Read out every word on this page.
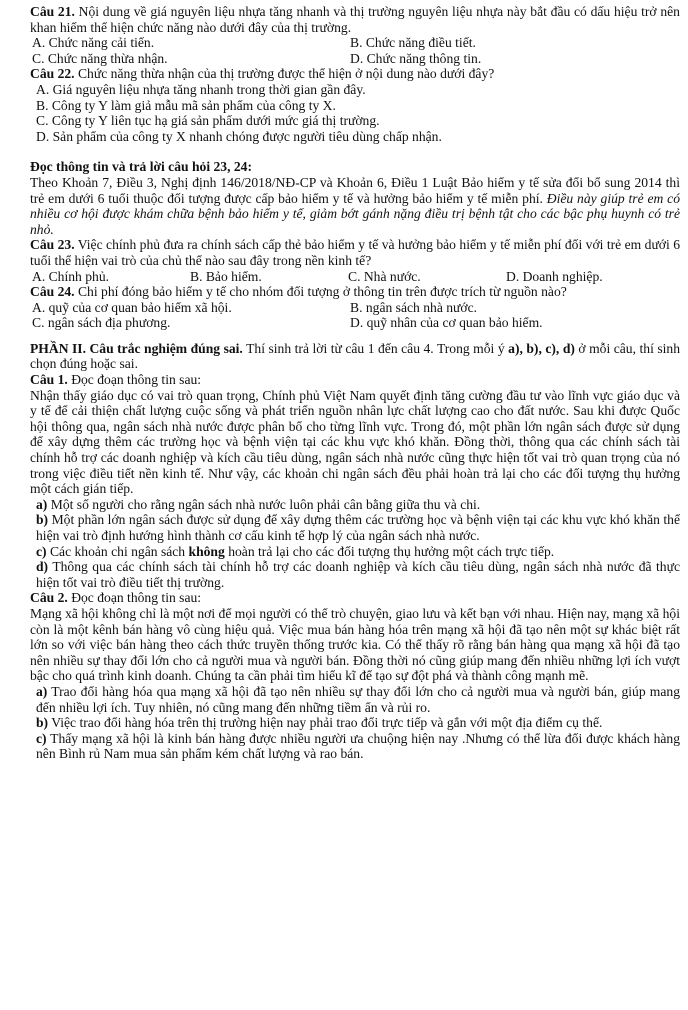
Câu 21. Nội dung về giá nguyên liệu nhựa tăng nhanh và thị trường nguyên liệu nhựa này bắt đầu có dấu hiệu trở nên khan hiếm thể hiện chức năng nào dưới đây của thị trường.
A. Chức năng cải tiến.	B. Chức năng điều tiết.
C. Chức năng thừa nhận.	D. Chức năng thông tin.
Câu 22. Chức năng thừa nhận của thị trường được thể hiện ở nội dung nào dưới đây?
A. Giá nguyên liệu nhựa tăng nhanh trong thời gian gần đây.
B. Công ty Y làm giả mẫu mã sản phẩm của công ty X.
C. Công ty Y liên tục hạ giá sản phẩm dưới mức giá thị trường.
D. Sản phẩm của công ty X nhanh chóng được người tiêu dùng chấp nhận.
Đọc thông tin và trả lời câu hỏi 23, 24:
Theo Khoản 7, Điều 3, Nghị định 146/2018/NĐ-CP và Khoản 6, Điều 1 Luật Bảo hiểm y tế sửa đổi bổ sung 2014 thì trẻ em dưới 6 tuổi thuộc đối tượng được cấp bảo hiểm y tế và hưởng bảo hiểm y tế miễn phí. Điều này giúp trẻ em có nhiều cơ hội được khám chữa bệnh bảo hiểm y tế, giảm bớt gánh nặng điều trị bệnh tật cho các bậc phụ huynh có trẻ nhỏ.
Câu 23. Việc chính phủ đưa ra chính sách cấp thẻ bảo hiểm y tế và hưởng bảo hiểm y tế miễn phí đối với trẻ em dưới 6 tuổi thể hiện vai trò của chủ thể nào sau đây trong nền kinh tế?
A. Chính phủ.	B. Bảo hiểm.	C. Nhà nước.	D. Doanh nghiệp.
Câu 24. Chi phí đóng bảo hiểm y tế cho nhóm đối tượng ở thông tin trên được trích từ nguồn nào?
A. quỹ của cơ quan bảo hiểm xã hội.	B. ngân sách nhà nước.
C. ngân sách địa phương.	D. quỹ nhân của cơ quan bảo hiểm.
PHẦN II. Câu trắc nghiệm đúng sai. Thí sinh trả lời từ câu 1 đến câu 4. Trong mỗi ý a), b), c), d) ở mỗi câu, thí sinh chọn đúng hoặc sai.
Câu 1. Đọc đoạn thông tin sau:
Nhận thấy giáo dục có vai trò quan trọng, Chính phủ Việt Nam quyết định tăng cường đầu tư vào lĩnh vực giáo dục và y tế để cải thiện chất lượng cuộc sống và phát triển nguồn nhân lực chất lượng cao cho đất nước. Sau khi được Quốc hội thông qua, ngân sách nhà nước được phân bổ cho từng lĩnh vực. Trong đó, một phần lớn ngân sách được sử dụng để xây dựng thêm các trường học và bệnh viện tại các khu vực khó khăn. Đồng thời, thông qua các chính sách tài chính hỗ trợ các doanh nghiệp và kích cầu tiêu dùng, ngân sách nhà nước cũng thực hiện tốt vai trò quan trọng của nó trong việc điều tiết nền kinh tế. Như vậy, các khoản chi ngân sách đều phải hoàn trả lại cho các đối tượng thụ hưởng một cách gián tiếp.
a) Một số người cho rằng ngân sách nhà nước luôn phải cân bằng giữa thu và chi.
b) Một phần lớn ngân sách được sử dụng để xây dựng thêm các trường học và bệnh viện tại các khu vực khó khăn thể hiện vai trò định hướng hình thành cơ cấu kinh tế hợp lý của ngân sách nhà nước.
c) Các khoản chi ngân sách không hoàn trả lại cho các đối tượng thụ hưởng một cách trực tiếp.
d) Thông qua các chính sách tài chính hỗ trợ các doanh nghiệp và kích cầu tiêu dùng, ngân sách nhà nước đã thực hiện tốt vai trò điều tiết thị trường.
Câu 2. Đọc đoạn thông tin sau:
Mạng xã hội không chỉ là một nơi để mọi người có thể trò chuyện, giao lưu và kết bạn với nhau. Hiện nay, mạng xã hội còn là một kênh bán hàng vô cùng hiệu quả. Việc mua bán hàng hóa trên mạng xã hội đã tạo nên một sự khác biệt rất lớn so với việc bán hàng theo cách thức truyền thống trước kia. Có thể thấy rõ rằng bán hàng qua mạng xã hội đã tạo nên nhiều sự thay đổi lớn cho cả người mua và người bán. Đồng thời nó cũng giúp mang đến nhiều những lợi ích vượt bậc cho quá trình kinh doanh. Chúng ta cần phải tìm hiểu kĩ để tạo sự đột phá và thành công mạnh mẽ.
a) Trao đổi hàng hóa qua mạng xã hội đã tạo nên nhiều sự thay đổi lớn cho cả người mua và người bán, giúp mang đến nhiều lợi ích. Tuy nhiên, nó cũng mang đến những tiềm ẩn và rủi ro.
b) Việc trao đổi hàng hóa trên thị trường hiện nay phải trao đổi trực tiếp và gắn với một địa điểm cụ thể.
c) Thấy mạng xã hội là kinh bán hàng được nhiều người ưa chuộng hiện nay .Nhưng có thể lừa đối được khách hàng nên Bình rủ Nam mua sản phẩm kém chất lượng và rao bán.
